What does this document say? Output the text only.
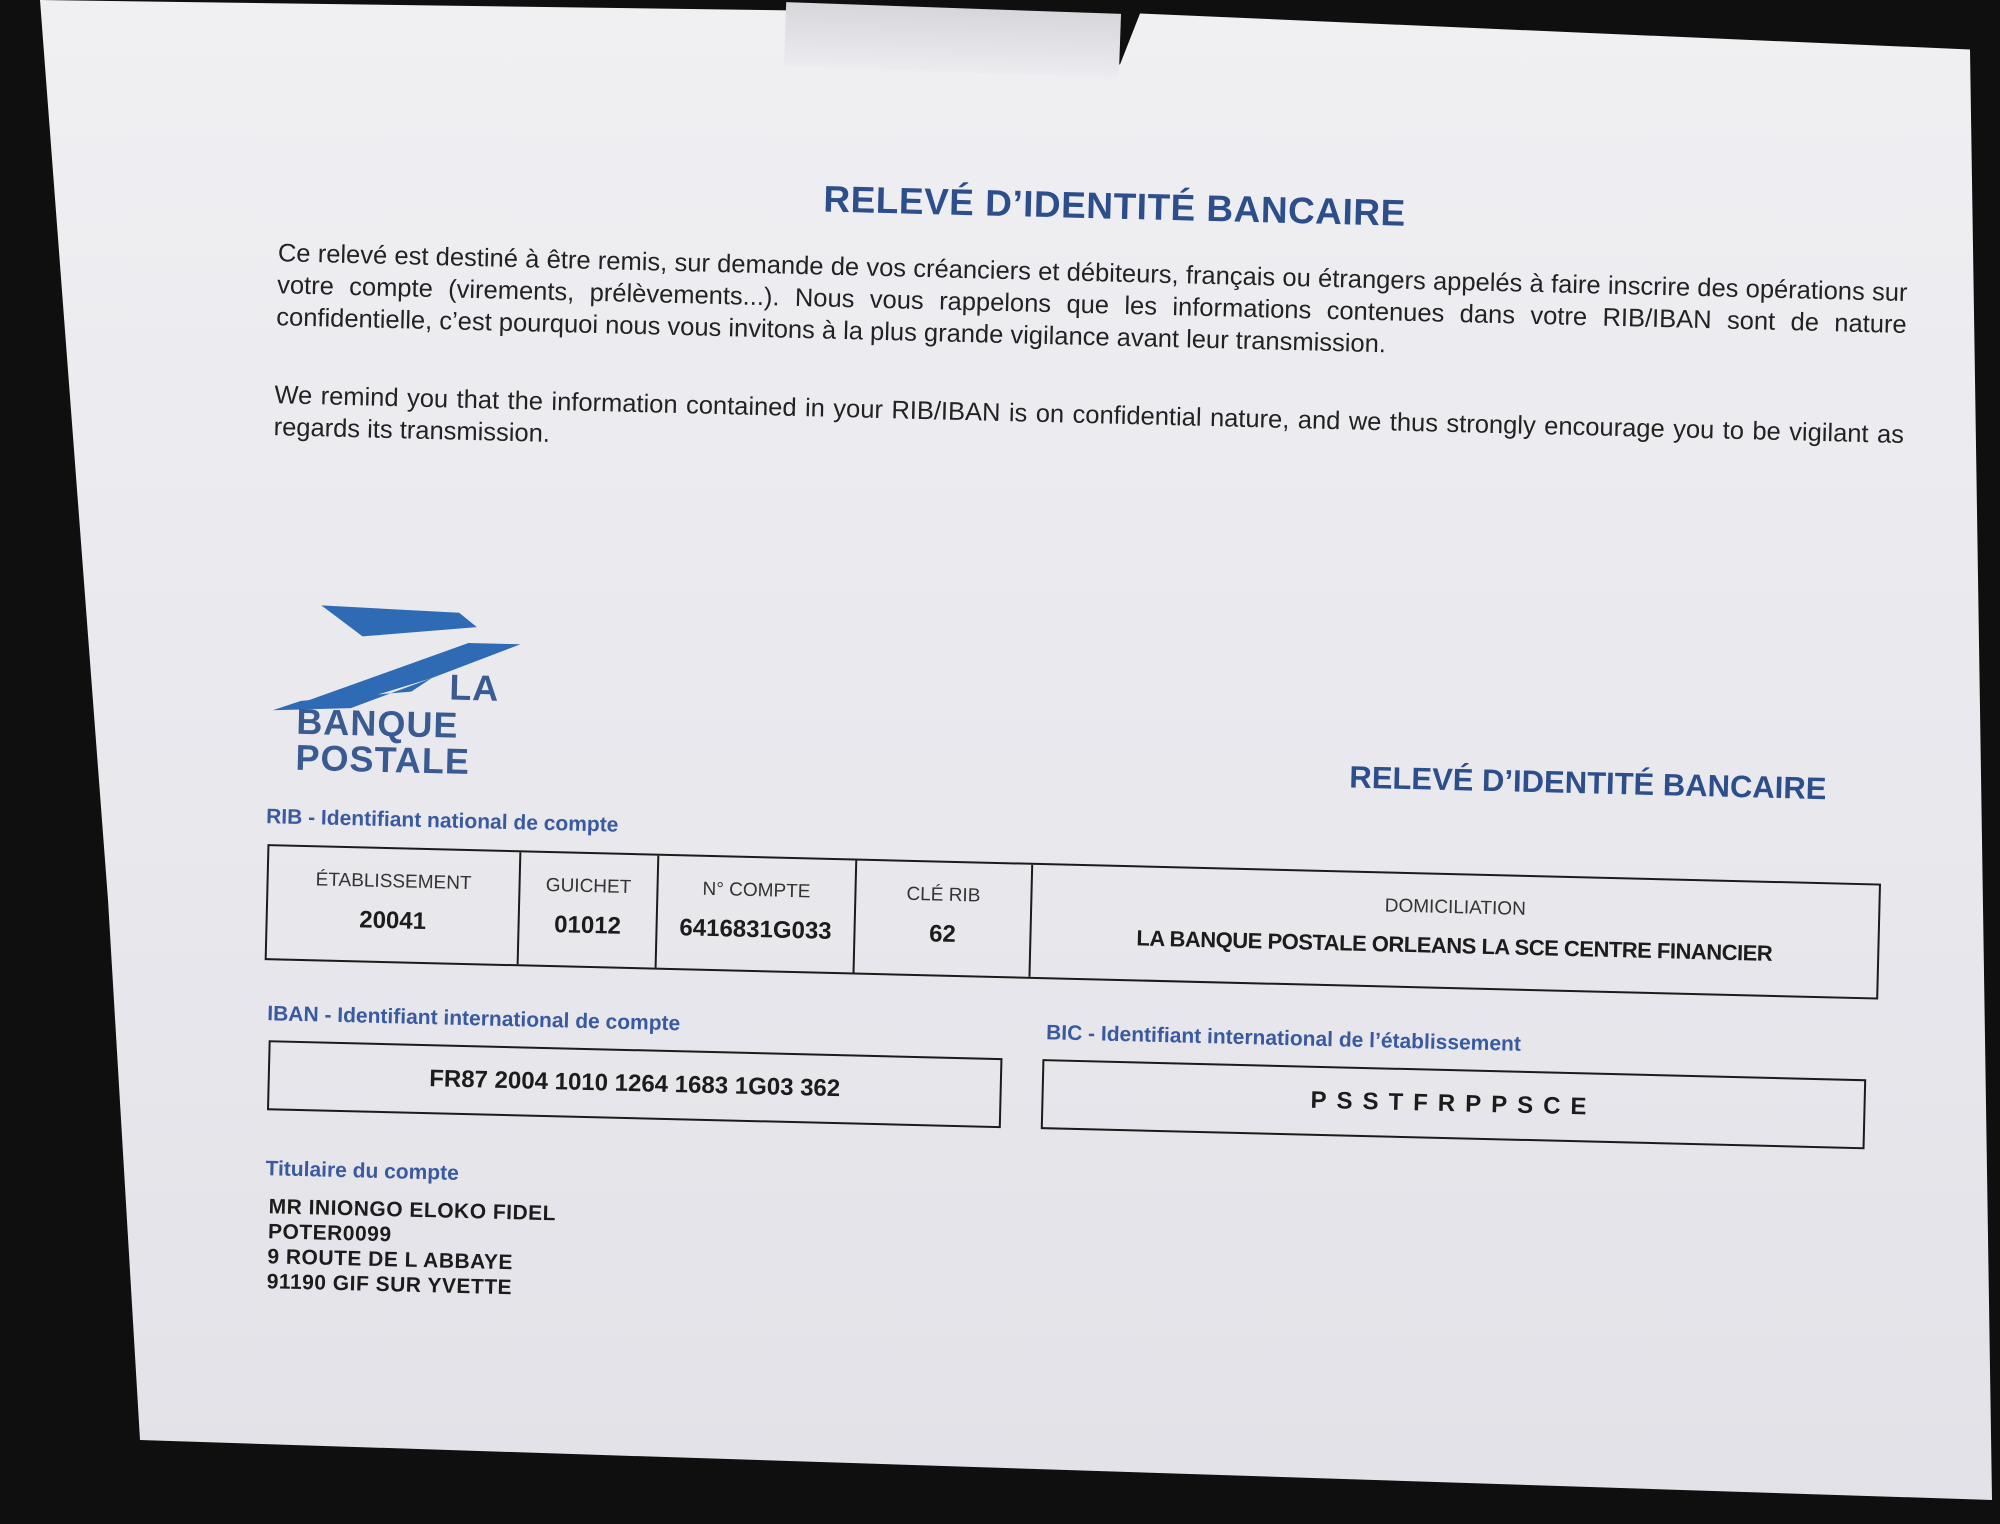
RELEVÉ D’IDENTITÉ BANCAIRE
Ce relevé est destiné à être remis, sur demande de vos créanciers et débiteurs, français ou étrangers appelés à faire inscrire des opérations sur votre compte (virements, prélèvements...). Nous vous rappelons que les informations contenues dans votre RIB/IBAN sont de nature confidentielle, c’est pourquoi nous vous invitons à la plus grande vigilance avant leur transmission.
We remind you that the information contained in your RIB/IBAN is on confidential nature, and we thus strongly encourage you to be vigilant as regards its transmission.
LA
BANQUE
POSTALE
RELEVÉ D’IDENTITÉ BANCAIRE
RIB - Identifiant national de compte
ÉTABLISSEMENT
20041
GUICHET
01012
N° COMPTE
6416831G033
CLÉ RIB
62
DOMICILIATION
LA BANQUE POSTALE ORLEANS LA SCE CENTRE FINANCIER
IBAN - Identifiant international de compte
FR87 2004 1010 1264 1683 1G03 362
BIC - Identifiant international de l’établissement
PSSTFRPPSCE
Titulaire du compte
MR INIONGO ELOKO FIDEL
POTER0099
9 ROUTE DE L ABBAYE
91190 GIF SUR YVETTE
